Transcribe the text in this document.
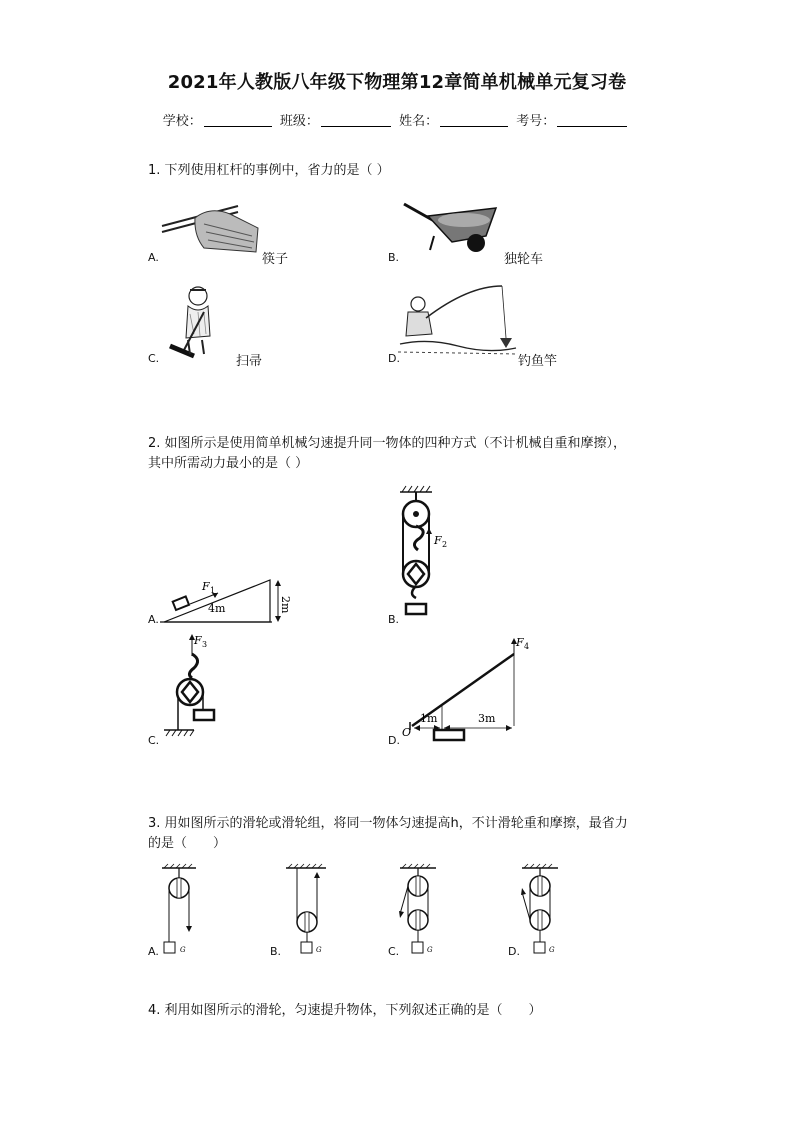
2021年人教版八年级下物理第12章简单机械单元复习卷
学校：	班级：	姓名：	考号：
1. 下列使用杠杆的事例中，省力的是（ ）
A.	筷子	B.	独轮车
C.	扫帚	D.	钓鱼竿
2. 如图所示是使用简单机械匀速提升同一物体的四种方式（不计机械自重和摩擦），
其中所需动力最小的是（ ）
F 1
4m	2m
A.
F 2
B.
F 3
C.
F 4
O
1m	3m
D.
3. 用如图所示的滑轮或滑轮组，将同一物体匀速提高h，不计滑轮重和摩擦，最省力
的是（　　）
G
A.	G
B.	G
C.	G
D.
4. 利用如图所示的滑轮，匀速提升物体，下列叙述正确的是（　　）
